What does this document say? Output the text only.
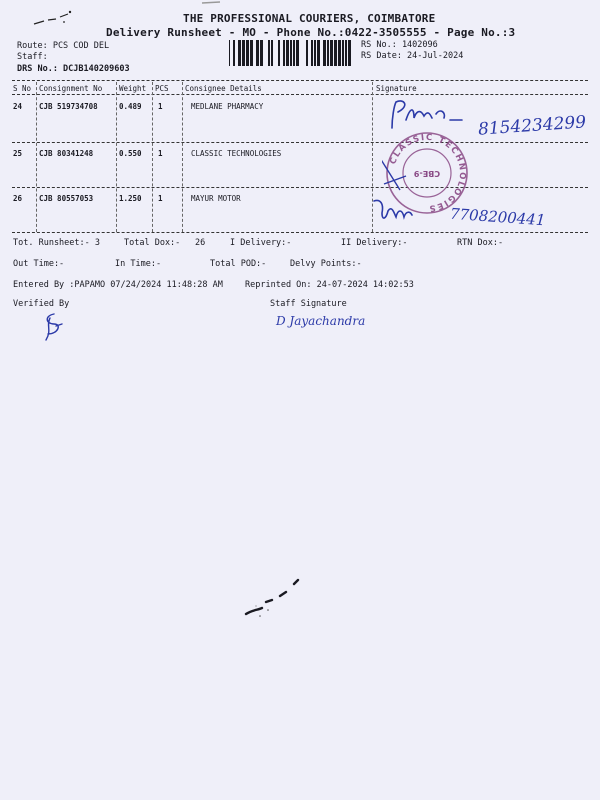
THE PROFESSIONAL COURIERS, COIMBATORE
Delivery Runsheet - MO - Phone No.:0422-3505555 - Page No.:3
Route: PCS COD DEL
Staff:
DRS No.: DCJB140209603
RS No.: 1402096
RS Date: 24-Jul-2024
S No Consignment No Weight PCS Consignee Details	Signature
24 CJB 519734708	0.489 1	MEDLANE PHARMACY
25 CJB 80341248	0.550 1	CLASSIC TECHNOLOGIES
26 CJB 80557053	1.250 1	MAYUR MOTOR
8154234299
CLASSIC TECHNOLOGIES
CBE-9
7708200441
Tot. Runsheet:- 3	Total Dox:- 26	I Delivery:-	II Delivery:-	RTN Dox:-
Out Time:-	In Time:-	Total POD:-	Delvy Points:-
Entered By :PAPAMO 07/24/2024 11:48:28 AM	Reprinted On: 24-07-2024 14:02:53
Verified By	Staff Signature
D Jayachandra
